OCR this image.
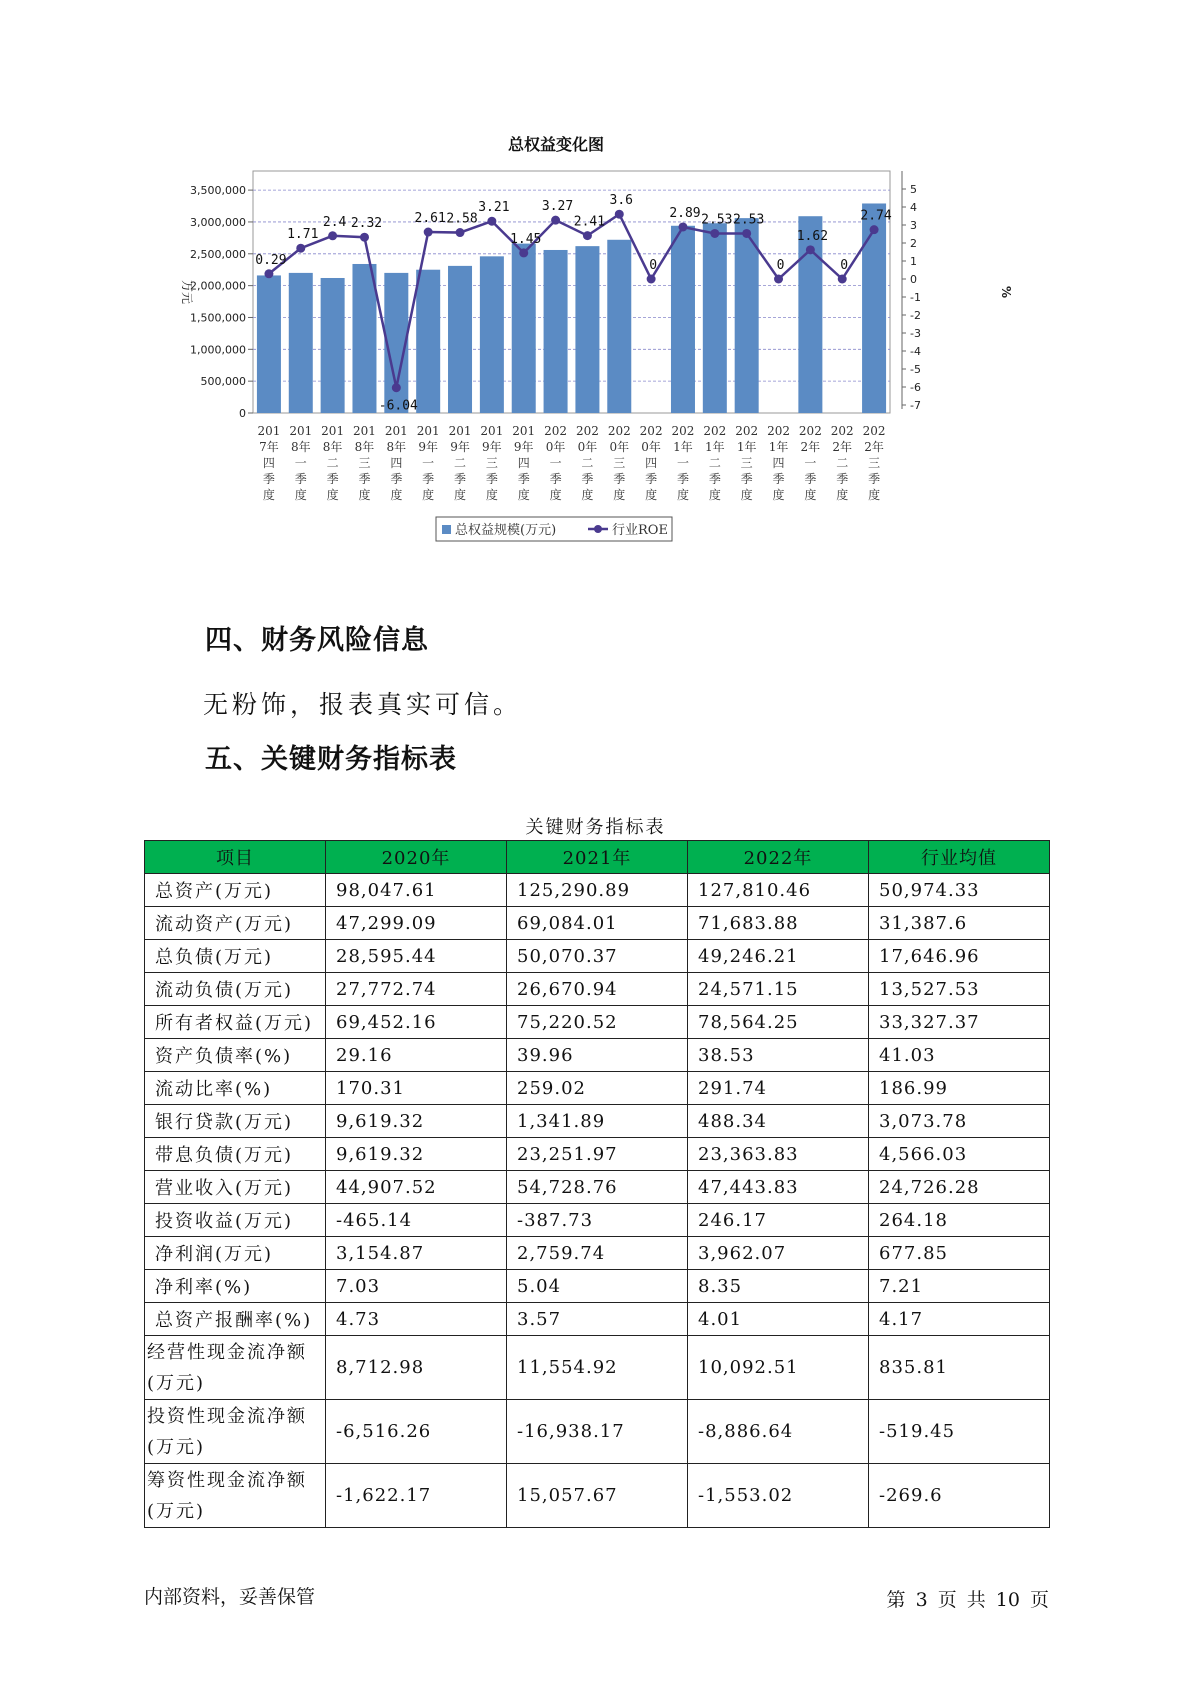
总权益变化图
0
500,000
1,000,000
1,500,000
2,000,000
2,500,000
3,000,000
3,500,000
-7
-6
-5
-4
-3
-2
-1
0
1
2
3
4
5
万元	%
201 7年四季度
201 8年一季度
201 8年二季度
201 8年三季度
201 8年四季度
201 9年一季度
201 9年二季度
201 9年三季度
201 9年四季度
202 0年一季度
202 0年二季度
202 0年三季度
202 0年四季度
202 1年一季度
202 1年二季度
202 1年三季度
202 1年四季度
202 2年一季度
202 2年二季度
202 2年三季度
0.29
1.71
2.4 2.32
-6.04
2.61 2.58
3.21
1.45
3.27
2.41
3.6
0
2.89 2.53 2.53
0
1.62
0
2.74
总权益规模(万元)	行业ROE
四、财务风险信息
无粉饰，报表真实可信。
五、关键财务指标表
关键财务指标表
项目	2020年	2021年	2022年	行业均值
总资产(万元)	98,047.61	125,290.89	127,810.46	50,974.33
流动资产(万元)	47,299.09	69,084.01	71,683.88	31,387.6
总负债(万元)	28,595.44	50,070.37	49,246.21	17,646.96
流动负债(万元)	27,772.74	26,670.94	24,571.15	13,527.53
所有者权益(万元)	69,452.16	75,220.52	78,564.25	33,327.37
资产负债率(%)	29.16	39.96	38.53	41.03
流动比率(%)	170.31	259.02	291.74	186.99
银行贷款(万元)	9,619.32	1,341.89	488.34	3,073.78
带息负债(万元)	9,619.32	23,251.97	23,363.83	4,566.03
营业收入(万元)	44,907.52	54,728.76	47,443.83	24,726.28
投资收益(万元)	-465.14	-387.73	246.17	264.18
净利润(万元)	3,154.87	2,759.74	3,962.07	677.85
净利率(%)	7.03	5.04	8.35	7.21
总资产报酬率(%)	4.73	3.57	4.01	4.17
经营性现金流净额(万元)	8,712.98	11,554.92	10,092.51	835.81
投资性现金流净额(万元)	-6,516.26	-16,938.17	-8,886.64	-519.45
筹资性现金流净额(万元)	-1,622.17	15,057.67	-1,553.02	-269.6
内部资料，妥善保管	第 3 页 共 10 页
